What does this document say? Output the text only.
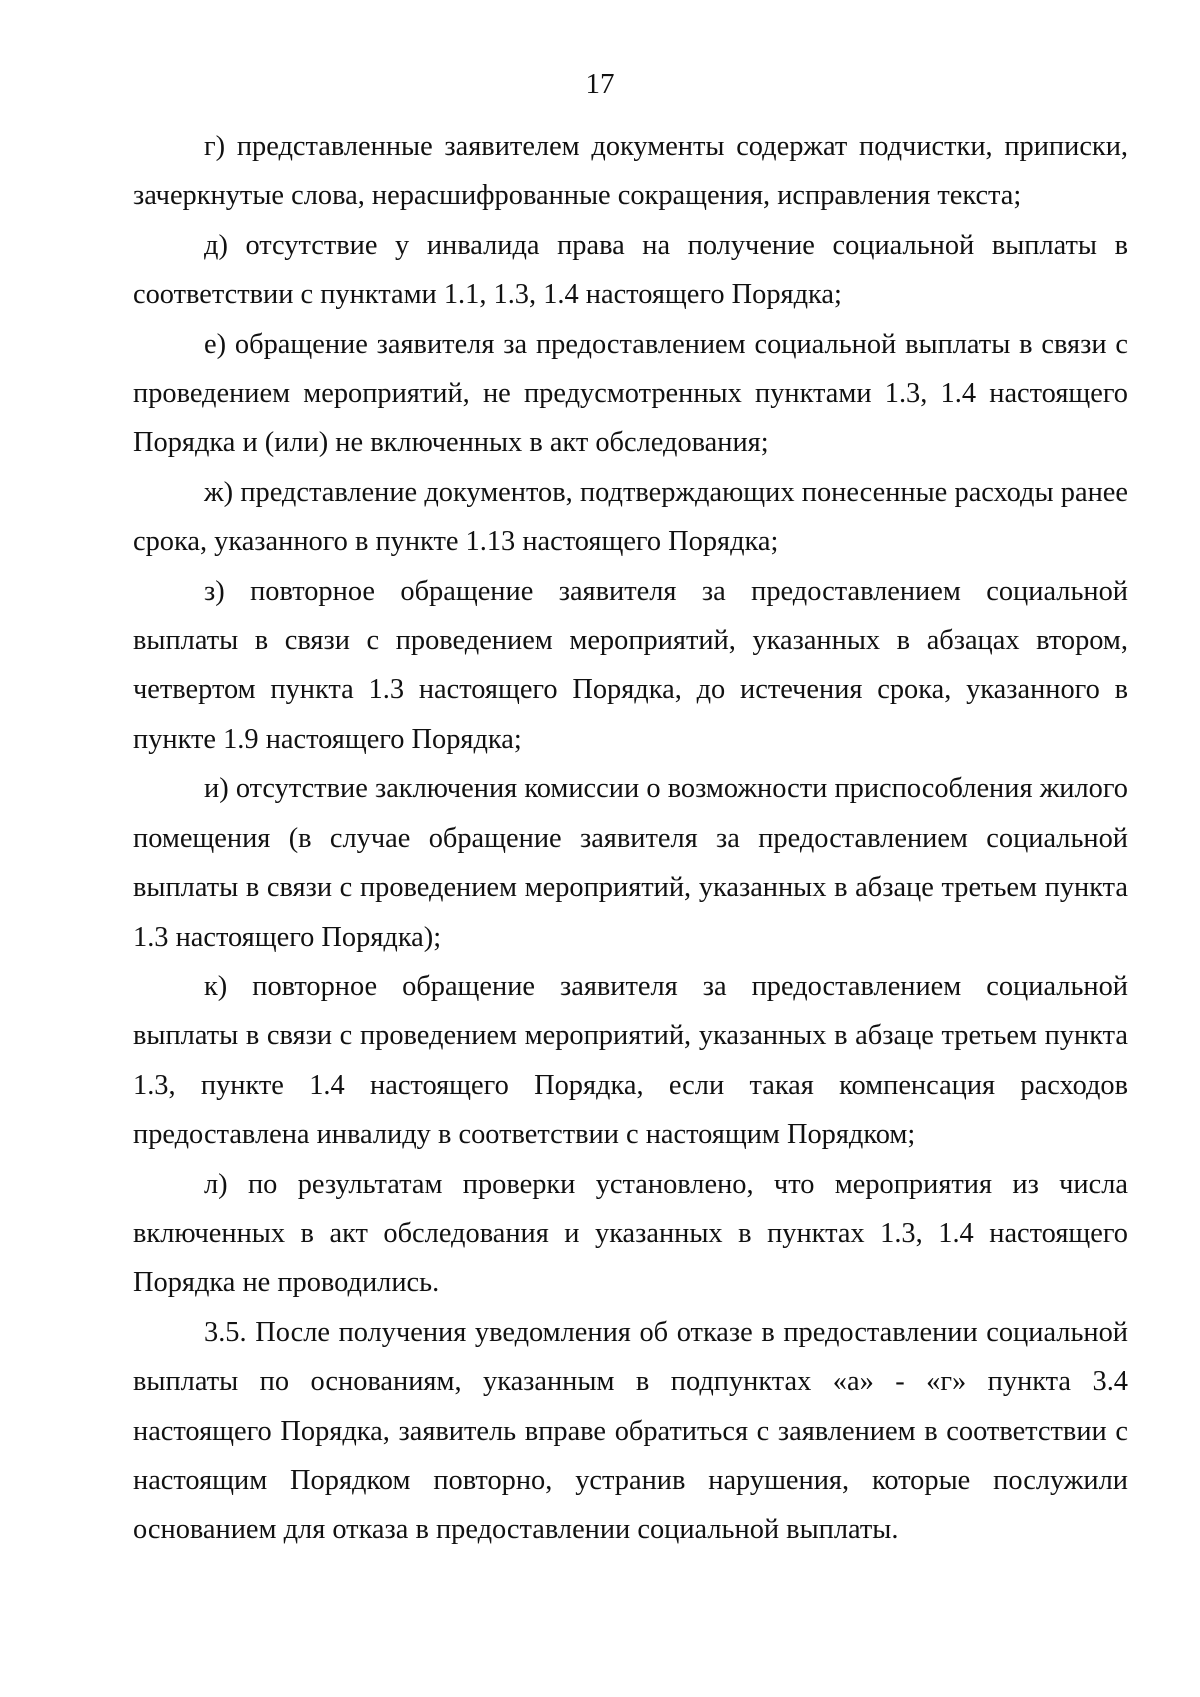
17

г) представленные заявителем документы содержат подчистки, приписки, зачеркнутые слова, нерасшифрованные сокращения, исправления текста;

д) отсутствие у инвалида права на получение социальной выплаты в соответствии с пунктами 1.1, 1.3, 1.4 настоящего Порядка;

е) обращение заявителя за предоставлением социальной выплаты в связи с проведением мероприятий, не предусмотренных пунктами 1.3, 1.4 настоящего Порядка и (или) не включенных в акт обследования;

ж) представление документов, подтверждающих понесенные расходы ранее срока, указанного в пункте 1.13 настоящего Порядка;

з) повторное обращение заявителя за предоставлением социальной выплаты в связи с проведением мероприятий, указанных в абзацах втором, четвертом пункта 1.3 настоящего Порядка, до истечения срока, указанного в пункте 1.9 настоящего Порядка;

и) отсутствие заключения комиссии о возможности приспособления жилого помещения (в случае обращение заявителя за предоставлением социальной выплаты в связи с проведением мероприятий, указанных в абзаце третьем пункта 1.3 настоящего Порядка);

к) повторное обращение заявителя за предоставлением социальной выплаты в связи с проведением мероприятий, указанных в абзаце третьем пункта 1.3, пункте 1.4 настоящего Порядка, если такая компенсация расходов предоставлена инвалиду в соответствии с настоящим Порядком;

л) по результатам проверки установлено, что мероприятия из числа включенных в акт обследования и указанных в пунктах 1.3, 1.4 настоящего Порядка не проводились.

3.5. После получения уведомления об отказе в предоставлении социальной выплаты по основаниям, указанным в подпунктах «а» - «г» пункта 3.4 настоящего Порядка, заявитель вправе обратиться с заявлением в соответствии с настоящим Порядком повторно, устранив нарушения, которые послужили основанием для отказа в предоставлении социальной выплаты.
